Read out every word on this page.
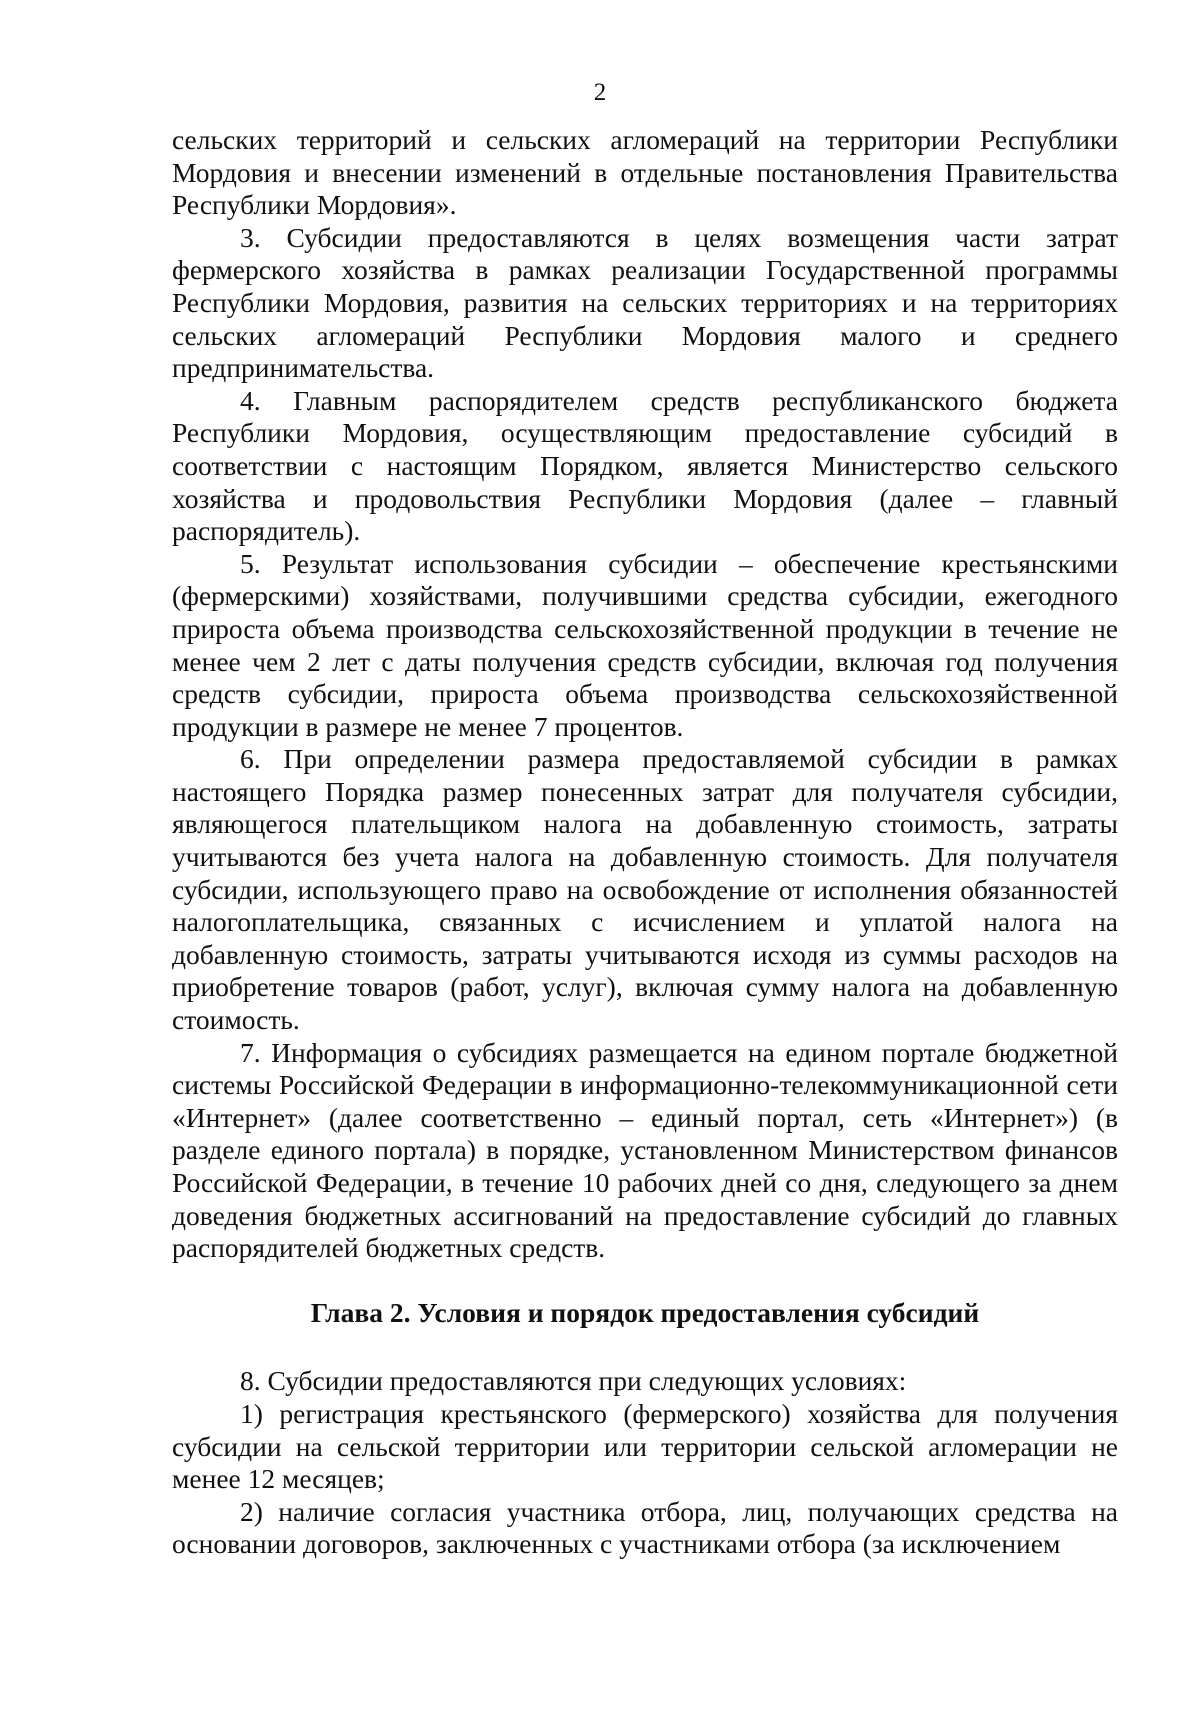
2

сельских территорий и сельских агломераций на территории Республики Мордовия и внесении изменений в отдельные постановления Правительства Республики Мордовия».

3. Субсидии предоставляются в целях возмещения части затрат фермерского хозяйства в рамках реализации Государственной программы Республики Мордовия, развития на сельских территориях и на территориях сельских агломераций Республики Мордовия малого и среднего предпринимательства.

4. Главным распорядителем средств республиканского бюджета Республики Мордовия, осуществляющим предоставление субсидий в соответствии с настоящим Порядком, является Министерство сельского хозяйства и продовольствия Республики Мордовия (далее – главный распорядитель).

5. Результат использования субсидии – обеспечение крестьянскими (фермерскими) хозяйствами, получившими средства субсидии, ежегодного прироста объема производства сельскохозяйственной продукции в течение не менее чем 2 лет с даты получения средств субсидии, включая год получения средств субсидии, прироста объема производства сельскохозяйственной продукции в размере не менее 7 процентов.

6. При определении размера предоставляемой субсидии в рамках настоящего Порядка размер понесенных затрат для получателя субсидии, являющегося плательщиком налога на добавленную стоимость, затраты учитываются без учета налога на добавленную стоимость. Для получателя субсидии, использующего право на освобождение от исполнения обязанностей налогоплательщика, связанных с исчислением и уплатой налога на добавленную стоимость, затраты учитываются исходя из суммы расходов на приобретение товаров (работ, услуг), включая сумму налога на добавленную стоимость.

7. Информация о субсидиях размещается на едином портале бюджетной системы Российской Федерации в информационно-телекоммуникационной сети «Интернет» (далее соответственно – единый портал, сеть «Интернет») (в разделе единого портала) в порядке, установленном Министерством финансов Российской Федерации, в течение 10 рабочих дней со дня, следующего за днем доведения бюджетных ассигнований на предоставление субсидий до главных распорядителей бюджетных средств.

Глава 2. Условия и порядок предоставления субсидий

8. Субсидии предоставляются при следующих условиях:

1) регистрация крестьянского (фермерского) хозяйства для получения субсидии на сельской территории или территории сельской агломерации не менее 12 месяцев;

2) наличие согласия участника отбора, лиц, получающих средства на основании договоров, заключенных с участниками отбора (за исключением
